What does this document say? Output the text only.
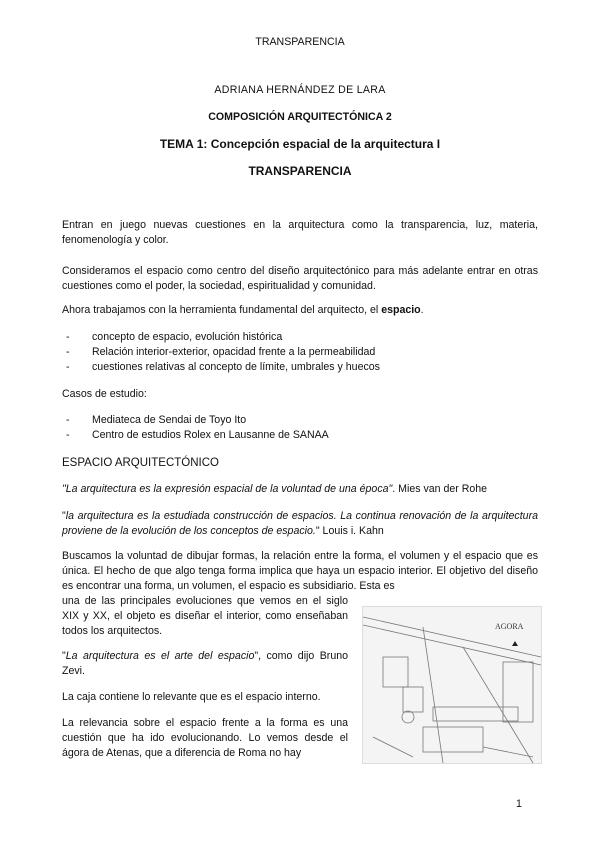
TRANSPARENCIA
ADRIANA HERNÁNDEZ DE LARA
COMPOSICIÓN ARQUITECTÓNICA 2
TEMA 1: Concepción espacial de la arquitectura I
TRANSPARENCIA

Entran en juego nuevas cuestiones en la arquitectura como la transparencia, luz, materia, fenomenología y color.

Consideramos el espacio como centro del diseño arquitectónico para más adelante entrar en otras cuestiones como el poder, la sociedad, espiritualidad y comunidad.

Ahora trabajamos con la herramienta fundamental del arquitecto, el espacio.

- concepto de espacio, evolución histórica
- Relación interior-exterior, opacidad frente a la permeabilidad
- cuestiones relativas al concepto de límite, umbrales y huecos

Casos de estudio:

- Mediateca de Sendai de Toyo Ito
- Centro de estudios Rolex en Lausanne de SANAA

ESPACIO ARQUITECTÓNICO

"La arquitectura es la expresión espacial de la voluntad de una época". Mies van der Rohe

"la arquitectura es la estudiada construcción de espacios. La continua renovación de la arquitectura proviene de la evolución de los conceptos de espacio." Louis i. Kahn

Buscamos la voluntad de dibujar formas, la relación entre la forma, el volumen y el espacio que es única. El hecho de que algo tenga forma implica que haya un espacio interior. El objetivo del diseño es encontrar una forma, un volumen, el espacio es subsidiario. Esta es

una de las principales evoluciones que vemos en el siglo XIX y XX, el objeto es diseñar el interior, como enseñaban todos los arquitectos.

"La arquitectura es el arte del espacio", como dijo Bruno Zevi.

La caja contiene lo relevante que es el espacio interno.

La relevancia sobre el espacio frente a la forma es una cuestión que ha ido evolucionando. Lo vemos desde el ágora de Atenas, que a diferencia de Roma no hay

AGORA
1
